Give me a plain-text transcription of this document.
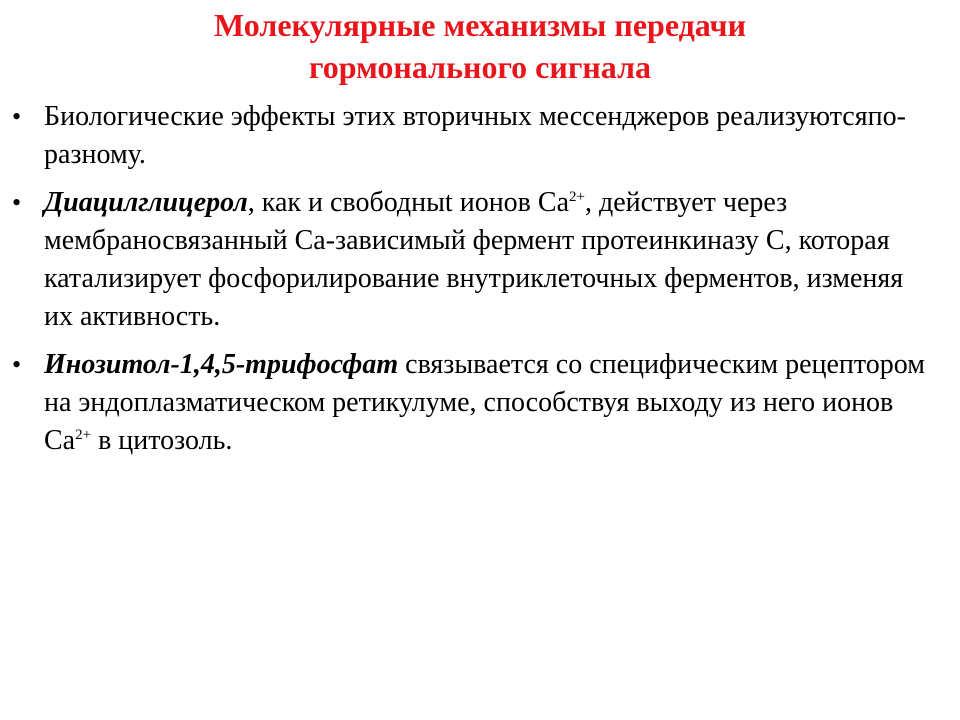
Молекулярные механизмы передачи
гормонального сигнала
• Биологические эффекты этих вторичных мессенджеров реализуютсяпо-разному.
• Диацилглицерол, как и свободныt ионов $Са^{2+}$, действует через мембраносвязанный Са-зависимый фермент протеинкиназу С, которая катализирует фосфорилирование внутриклеточных ферментов, изменяя их активность.
• Инозитол-1,4,5-трифосфат связывается со специфическим рецептором на эндоплазматическом ретикулуме, способствуя выходу из него ионов $Са^{2+}$ в цитозоль.
